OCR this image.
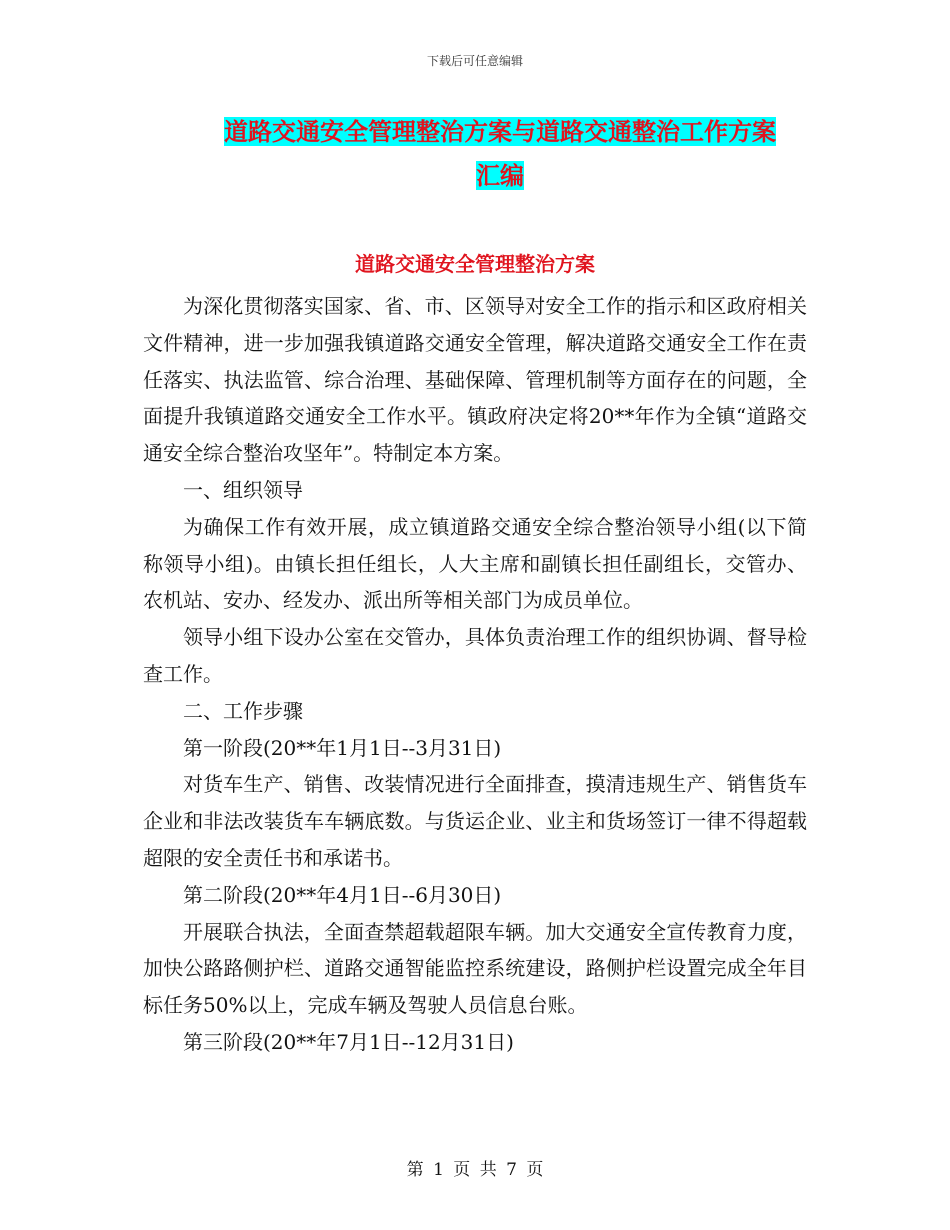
下载后可任意编辑
道路交通安全管理整治方案与道路交通整治工作方案
汇编
道路交通安全管理整治方案

为深化贯彻落实国家、省、市、区领导对安全工作的指示和区政府相关文件精神，进一步加强我镇道路交通安全管理，解决道路交通安全工作在责任落实、执法监管、综合治理、基础保障、管理机制等方面存在的问题，全面提升我镇道路交通安全工作水平。镇政府决定将20**年作为全镇“道路交通安全综合整治攻坚年”。特制定本方案。

一、组织领导

为确保工作有效开展，成立镇道路交通安全综合整治领导小组(以下简称领导小组)。由镇长担任组长，人大主席和副镇长担任副组长，交管办、农机站、安办、经发办、派出所等相关部门为成员单位。

领导小组下设办公室在交管办，具体负责治理工作的组织协调、督导检查工作。

二、工作步骤

第一阶段(20**年1月1日--3月31日)

对货车生产、销售、改装情况进行全面排查，摸清违规生产、销售货车企业和非法改装货车车辆底数。与货运企业、业主和货场签订一律不得超载超限的安全责任书和承诺书。

第二阶段(20**年4月1日--6月30日)

开展联合执法，全面查禁超载超限车辆。加大交通安全宣传教育力度，加快公路路侧护栏、道路交通智能监控系统建设，路侧护栏设置完成全年目标任务50%以上，完成车辆及驾驶人员信息台账。

第三阶段(20**年7月1日--12月31日)

第 1 页 共 7 页
